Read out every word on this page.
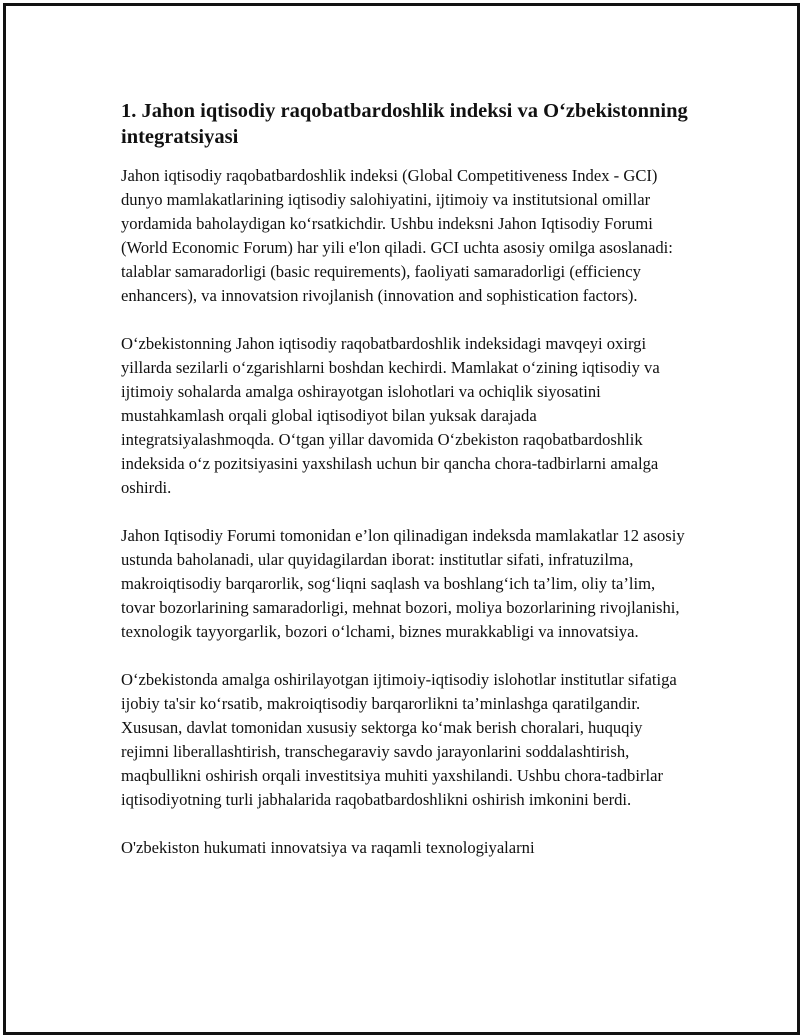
1. Jahon iqtisodiy raqobatbardoshlik indeksi va O‘zbekistonning integratsiyasi

Jahon iqtisodiy raqobatbardoshlik indeksi (Global Competitiveness Index - GCI) dunyo mamlakatlarining iqtisodiy salohiyatini, ijtimoiy va institutsional omillar yordamida baholaydigan ko‘rsatkichdir. Ushbu indeksni Jahon Iqtisodiy Forumi (World Economic Forum) har yili e'lon qiladi. GCI uchta asosiy omilga asoslanadi: talablar samaradorligi (basic requirements), faoliyati samaradorligi (efficiency enhancers), va innovatsion rivojlanish (innovation and sophistication factors).

O‘zbekistonning Jahon iqtisodiy raqobatbardoshlik indeksidagi mavqeyi oxirgi yillarda sezilarli o‘zgarishlarni boshdan kechirdi. Mamlakat o‘zining iqtisodiy va ijtimoiy sohalarda amalga oshirayotgan islohotlari va ochiqlik siyosatini mustahkamlash orqali global iqtisodiyot bilan yuksak darajada integratsiyalashmoqda. O‘tgan yillar davomida O‘zbekiston raqobatbardoshlik indeksida o‘z pozitsiyasini yaxshilash uchun bir qancha chora-tadbirlarni amalga oshirdi.

Jahon Iqtisodiy Forumi tomonidan e’lon qilinadigan indeksda mamlakatlar 12 asosiy ustunda baholanadi, ular quyidagilardan iborat: institutlar sifati, infratuzilma, makroiqtisodiy barqarorlik, sog‘liqni saqlash va boshlang‘ich ta’lim, oliy ta’lim, tovar bozorlarining samaradorligi, mehnat bozori, moliya bozorlarining rivojlanishi, texnologik tayyorgarlik, bozori o‘lchami, biznes murakkabligi va innovatsiya.

O‘zbekistonda amalga oshirilayotgan ijtimoiy-iqtisodiy islohotlar institutlar sifatiga ijobiy ta'sir ko‘rsatib, makroiqtisodiy barqarorlikni ta’minlashga qaratilgandir. Xususan, davlat tomonidan xususiy sektorga ko‘mak berish choralari, huquqiy rejimni liberallashtirish, transchegaraviy savdo jarayonlarini soddalashtirish, maqbullikni oshirish orqali investitsiya muhiti yaxshilandi. Ushbu chora-tadbirlar iqtisodiyotning turli jabhalarida raqobatbardoshlikni oshirish imkonini berdi.

O'zbekiston hukumati innovatsiya va raqamli texnologiyalarni
